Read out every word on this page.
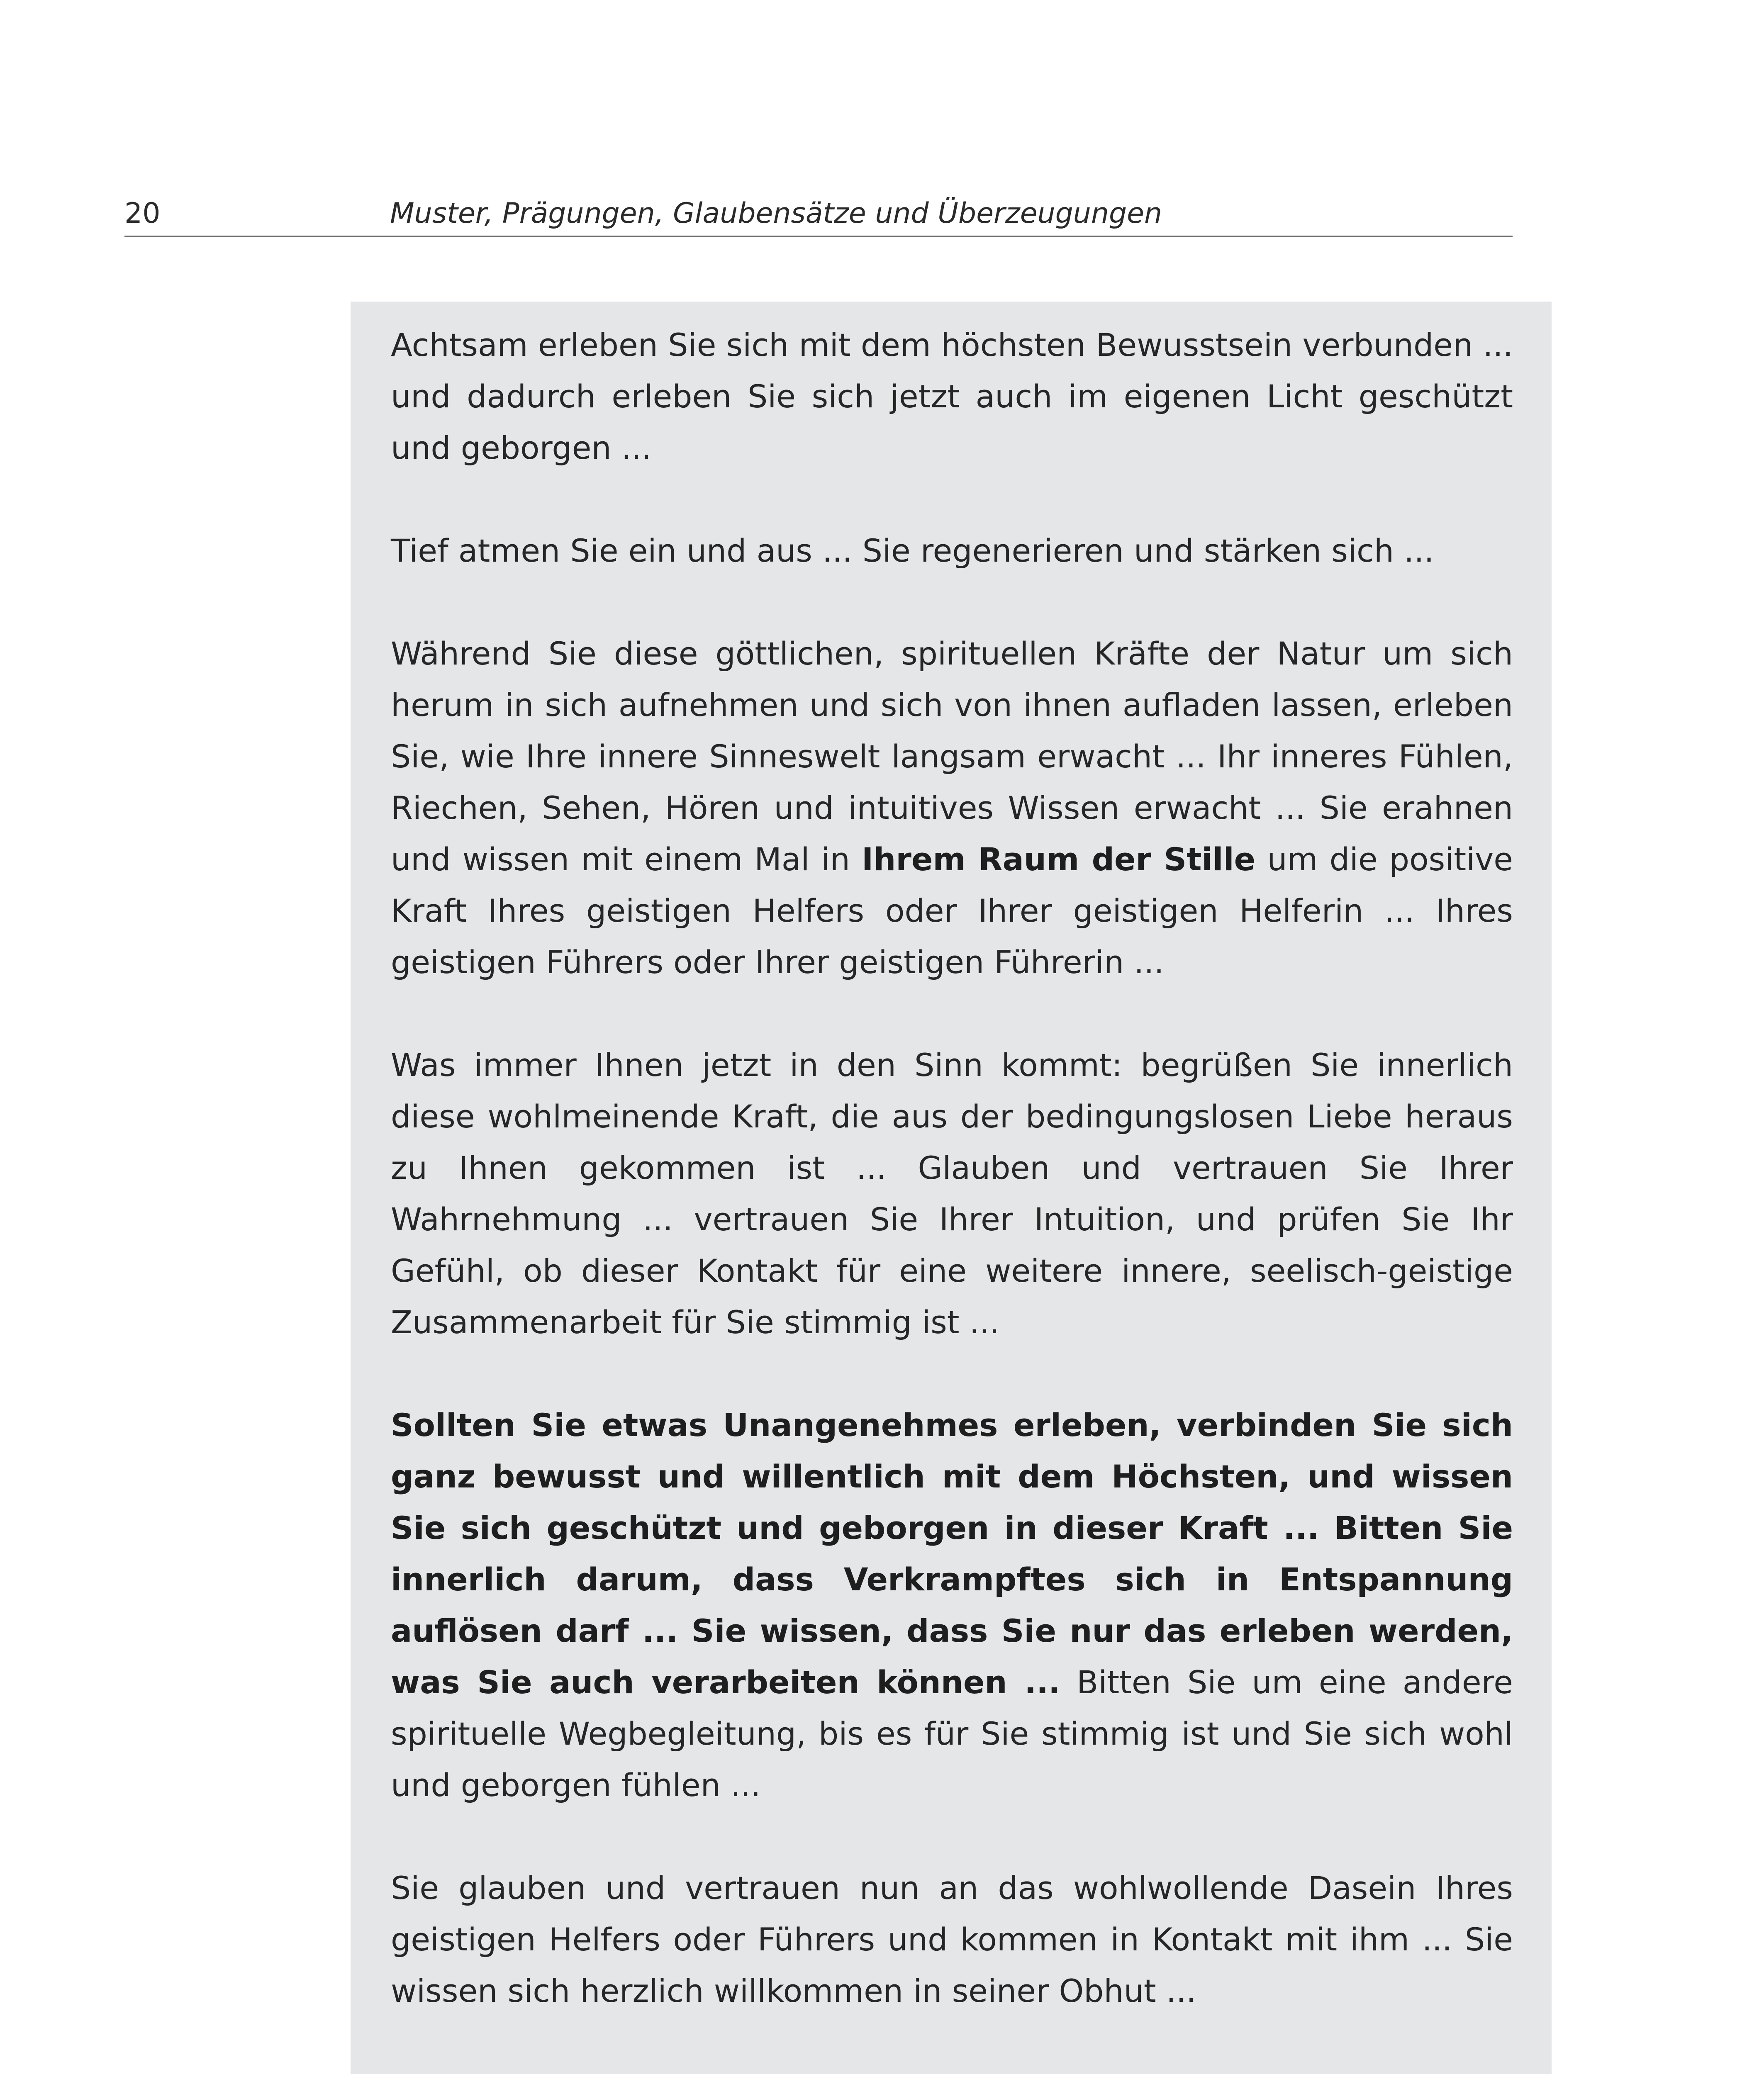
20	Muster, Prägungen, Glaubensätze und Überzeugungen

Achtsam erleben Sie sich mit dem höchsten Bewusstsein verbunden ... und dadurch erleben Sie sich jetzt auch im eigenen Licht geschützt und geborgen ...

Tief atmen Sie ein und aus ... Sie regenerieren und stärken sich ...

Während Sie diese göttlichen, spirituellen Kräfte der Natur um sich herum in sich aufnehmen und sich von ihnen aufladen lassen, erleben Sie, wie Ihre innere Sinneswelt langsam erwacht ... Ihr inneres Fühlen, Riechen, Sehen, Hören und intuitives Wissen erwacht ... Sie erahnen und wissen mit einem Mal in Ihrem Raum der Stille um die positive Kraft Ihres geistigen Helfers oder Ihrer geistigen Helferin ... Ihres geistigen Führers oder Ihrer geistigen Führerin ...

Was immer Ihnen jetzt in den Sinn kommt: begrüßen Sie innerlich diese wohlmeinende Kraft, die aus der bedingungslosen Liebe heraus zu Ihnen gekommen ist ... Glauben und vertrauen Sie Ihrer Wahrnehmung ... vertrauen Sie Ihrer Intuition, und prüfen Sie Ihr Gefühl, ob dieser Kontakt für eine weitere innere, seelisch-geistige Zusammenarbeit für Sie stimmig ist ...

Sollten Sie etwas Unangenehmes erleben, verbinden Sie sich ganz bewusst und willentlich mit dem Höchsten, und wissen Sie sich geschützt und geborgen in dieser Kraft ... Bitten Sie innerlich darum, dass Verkrampftes sich in Entspannung auflösen darf ... Sie wissen, dass Sie nur das erleben werden, was Sie auch verarbeiten können ... Bitten Sie um eine andere spirituelle Wegbegleitung, bis es für Sie stimmig ist und Sie sich wohl und geborgen fühlen ...

Sie glauben und vertrauen nun an das wohlwollende Dasein Ihres geistigen Helfers oder Führers und kommen in Kontakt mit ihm ... Sie wissen sich herzlich willkommen in seiner Obhut ...
